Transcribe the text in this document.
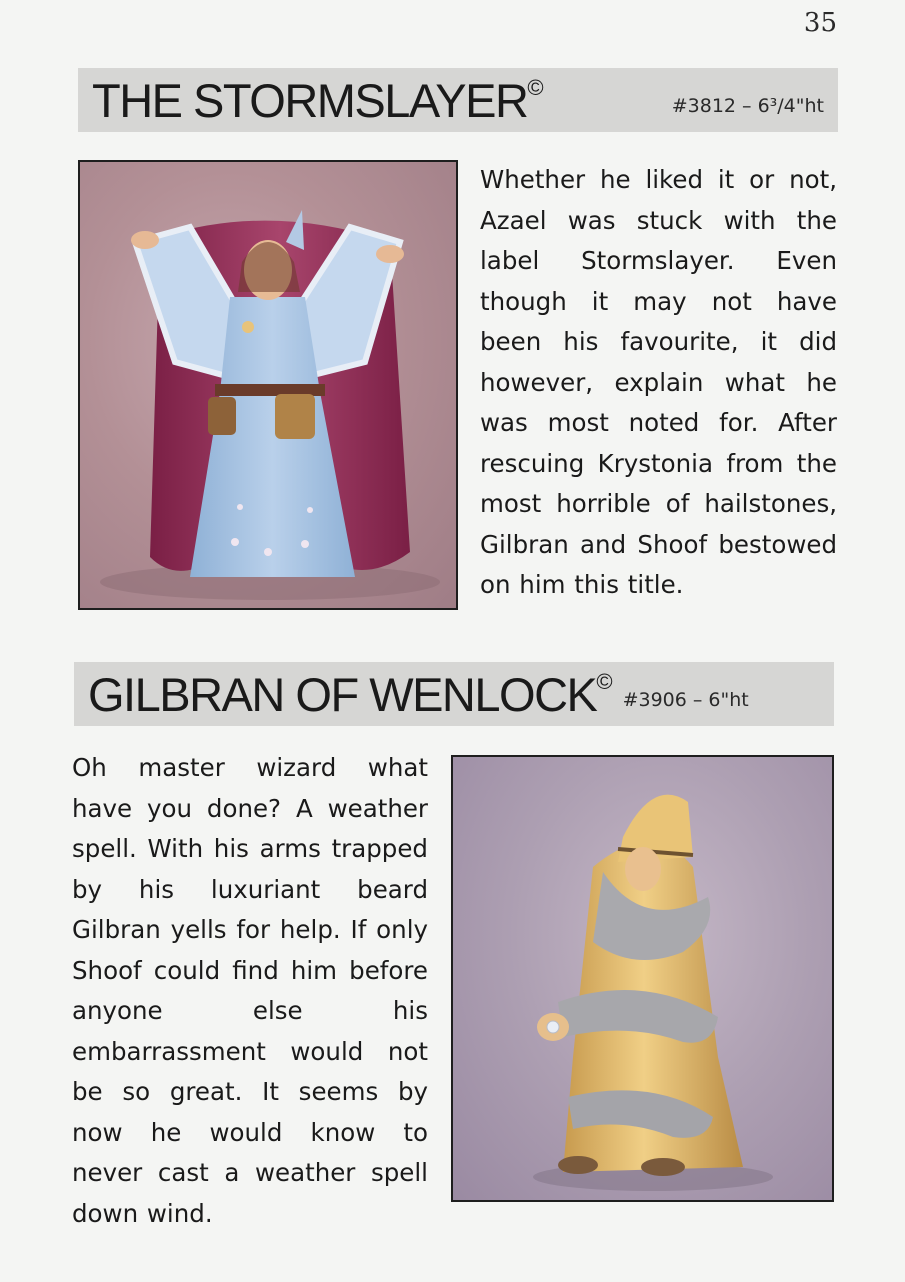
35
THE STORMSLAYER©
#3812 – 6³/4"ht
Whether he liked it or not, Azael was stuck with the label Stormslayer. Even though it may not have been his favourite, it did however, explain what he was most noted for. After rescuing Krystonia from the most horrible of hailstones, Gilbran and Shoof bestowed on him this title.
GILBRAN OF WENLOCK©
#3906 – 6"ht
Oh master wizard what have you done? A weather spell. With his arms trapped by his luxuriant beard Gilbran yells for help. If only Shoof could find him before anyone else his embarrassment would not be so great. It seems by now he would know to never cast a weather spell down wind.
